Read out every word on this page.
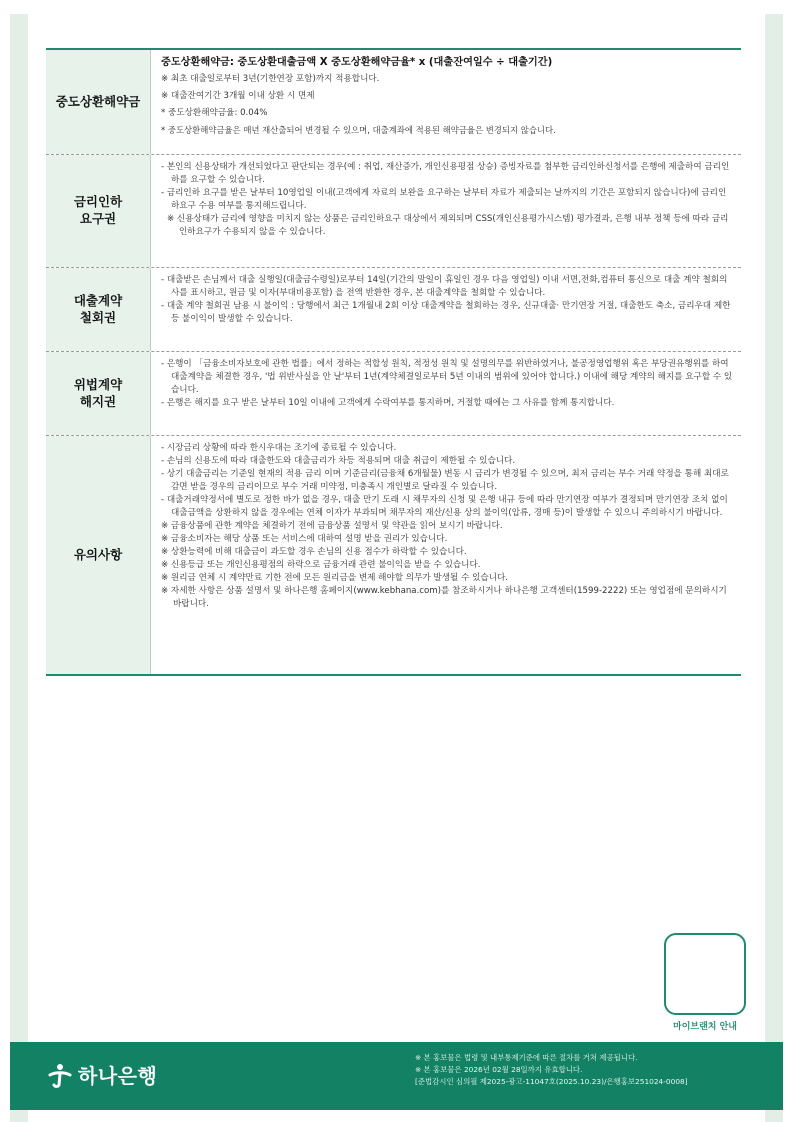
중도상환해약금

중도상환해약금: 중도상환대출금액 X 중도상환해약금율* x (대출잔여일수 ÷ 대출기간)

※ 최초 대출일로부터 3년(기한연장 포함)까지 적용합니다.

※ 대출잔여기간 3개월 이내 상환 시 면제

* 중도상환해약금율: 0.04%

* 중도상환해약금율은 매년 재산출되어 변경될 수 있으며, 대출계좌에 적용된 해약금율은 변경되지 않습니다.

금리인하
요구권

- 본인의 신용상태가 개선되었다고 판단되는 경우(예 : 취업, 재산증가, 개인신용평점 상승) 증빙자료를 첨부한 금리인하신청서를 은행에 제출하여 금리인하를 요구할 수 있습니다.

- 금리인하 요구를 받은 날부터 10영업일 이내(고객에게 자료의 보완을 요구하는 날부터 자료가 제출되는 날까지의 기간은 포함되지 않습니다)에 금리인하요구 수용 여부를 통지해드립니다.

※ 신용상태가 금리에 영향을 미치지 않는 상품은 금리인하요구 대상에서 제외되며 CSS(개인신용평가시스템) 평가결과, 은행 내부 정책 등에 따라 금리인하요구가 수용되지 않을 수 있습니다.

대출계약
철회권

- 대출받은 손님께서 대출 실행일(대출금수령일)로부터 14일(기간의 말일이 휴일인 경우 다음 영업일) 이내 서면,전화,컴퓨터 통신으로 대출 계약 철회의사를 표시하고, 원금 및 이자(부대비용포함) 을 전액 반환한 경우, 본 대출계약을 철회할 수 있습니다.

- 대출 계약 철회권 남용 시 불이익 : 당행에서 최근 1개월내 2회 이상 대출계약을 철회하는 경우, 신규대출· 만기연장 거절, 대출한도 축소, 금리우대 제한 등 불이익이 발생할 수 있습니다.

위법계약
해지권

- 은행이 「금융소비자보호에 관한 법률」에서 정하는 적합성 원칙, 적정성 원칙 및 설명의무를 위반하였거나, 불공정영업행위 혹은 부당권유행위를 하여 대출계약을 체결한 경우, '법 위반사실을 안 날'부터 1년(계약체결일로부터 5년 이내의 범위에 있어야 합니다.) 이내에 해당 계약의 해지를 요구할 수 있습니다.

- 은행은 해지를 요구 받은 날부터 10일 이내에 고객에게 수락여부를 통지하며, 거절할 때에는 그 사유를 함께 통지합니다.

유의사항

- 시장금리 상황에 따라 한시우대는 조기에 종료될 수 있습니다.

- 손님의 신용도에 따라 대출한도와 대출금리가 차등 적용되며 대출 취급이 제한될 수 있습니다.

- 상기 대출금리는 기준일 현재의 적용 금리 이며 기준금리(금융채 6개월물) 변동 시 금리가 변경될 수 있으며, 최저 금리는 부수 거래 약정을 통해 최대로 감면 받을 경우의 금리이므로 부수 거래 미약정, 미충족시 개인별로 달라질 수 있습니다.

- 대출거래약정서에 별도로 정한 바가 없을 경우, 대출 만기 도래 시 채무자의 신청 및 은행 내규 등에 따라 만기연장 여부가 결정되며 만기연장 조치 없이 대출금액을 상환하지 않을 경우에는 연체 이자가 부과되며 채무자의 재산/신용 상의 불이익(압류, 경매 등)이 발생할 수 있으니 주의하시기 바랍니다.

※ 금융상품에 관한 계약을 체결하기 전에 금융상품 설명서 및 약관을 읽어 보시기 바랍니다.

※ 금융소비자는 해당 상품 또는 서비스에 대하여 설명 받을 권리가 있습니다.

※ 상환능력에 비해 대출금이 과도할 경우 손님의 신용 점수가 하락할 수 있습니다.

※ 신용등급 또는 개인신용평점의 하락으로 금융거래 관련 불이익을 받을 수 있습니다.

※ 원리금 연체 시 계약만료 기한 전에 모든 원리금을 변제 해야할 의무가 발생될 수 있습니다.

※ 자세한 사항은 상품 설명서 및 하나은행 홈페이지(www.kebhana.com)를 참조하시거나 하나은행 고객센터(1599-2222) 또는 영업점에 문의하시기 바랍니다.

마이브랜치 안내
하나은행

※ 본 홍보물은 법령 및 내부통제기준에 따른 절차를 거쳐 제공됩니다.

※ 본 홍보물은 2026년 02월 28일까지 유효합니다.

[준법감시인 심의필 제2025-광고-11047호(2025.10.23)/은행홍보251024-0008]
